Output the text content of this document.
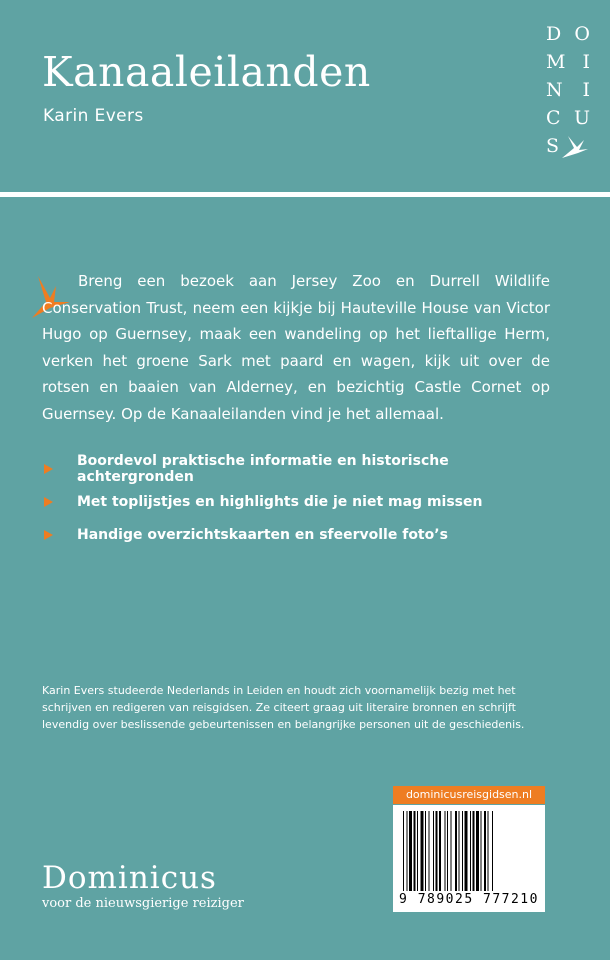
Kanaaleilanden
Karin Evers
D O
M I
N I
C U
S

Breng een bezoek aan Jersey Zoo en Durrell Wildlife Conservation Trust, neem een kijkje bij Hauteville House van Victor Hugo op Guernsey, maak een wandeling op het lieftallige Herm, verken het groene Sark met paard en wagen, kijk uit over de rotsen en baaien van Alderney, en bezichtig Castle Cornet op Guernsey. Op de Kanaaleilanden vind je het allemaal.

Boordevol praktische informatie en historische achtergronden
Met toplijstjes en highlights die je niet mag missen
Handige overzichtskaarten en sfeervolle foto’s

Karin Evers studeerde Nederlands in Leiden en houdt zich voornamelijk bezig met het schrijven en redigeren van reisgidsen. Ze citeert graag uit literaire bronnen en schrijft levendig over beslissende gebeurtenissen en belangrijke personen uit de geschiedenis.

Dominicus
voor de nieuwsgierige reiziger
dominicusreisgidsen.nl
9 789025 777210
